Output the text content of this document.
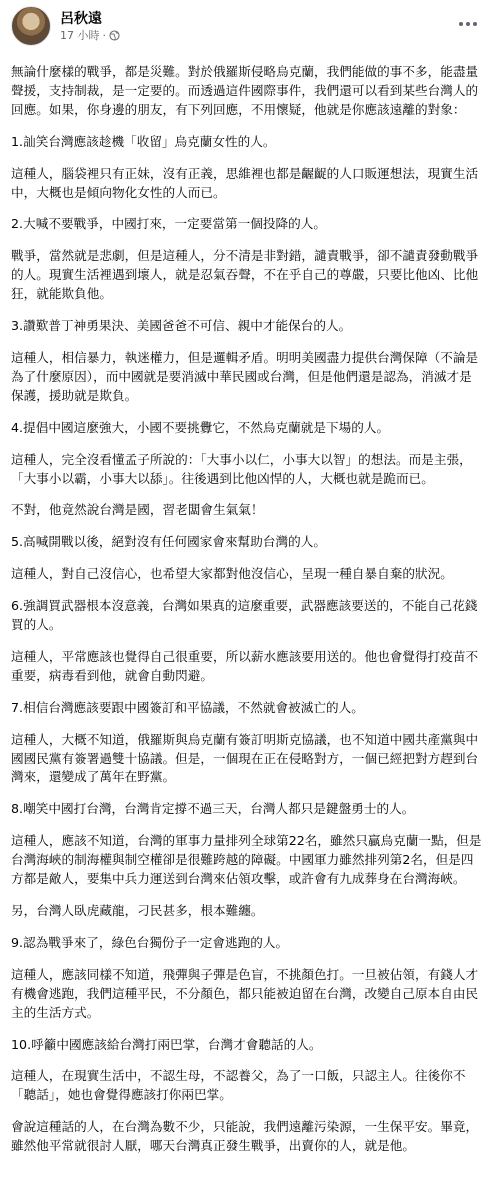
呂秋遠
17 小時 ·
無論什麼樣的戰爭，都是災難。對於俄羅斯侵略烏克蘭，我們能做的事不多，能盡量聲援，支持制裁，是一定要的。而透過這件國際事件，我們還可以看到某些台灣人的回應。如果，你身邊的朋友，有下列回應，不用懷疑，他就是你應該遠離的對象：
1.訕笑台灣應該趁機「收留」烏克蘭女性的人。
這種人，腦袋裡只有正妹，沒有正義，思維裡也都是齷齪的人口販運想法，現實生活中，大概也是傾向物化女性的人而已。
2.大喊不要戰爭，中國打來，一定要當第一個投降的人。
戰爭，當然就是悲劇，但是這種人，分不清是非對錯，譴責戰爭，卻不譴責發動戰爭的人。現實生活裡遇到壞人，就是忍氣吞聲，不在乎自己的尊嚴，只要比他凶、比他狂，就能欺負他。
3.讚歎普丁神勇果決、美國爸爸不可信、親中才能保台的人。
這種人，相信暴力，執迷權力，但是邏輯矛盾。明明美國盡力提供台灣保障（不論是為了什麼原因），而中國就是要消滅中華民國或台灣，但是他們還是認為，消滅才是保護，援助就是欺負。
4.提倡中國這麼強大，小國不要挑釁它，不然烏克蘭就是下場的人。
這種人，完全沒看懂孟子所說的：「大事小以仁，小事大以智」的想法。而是主張，「大事小以霸，小事大以舔」。往後遇到比他凶悍的人，大概也就是跪而已。
不對，他竟然說台灣是國，習老闆會生氣氣！
5.高喊開戰以後，絕對沒有任何國家會來幫助台灣的人。
這種人，對自己沒信心，也希望大家都對他沒信心，呈現一種自暴自棄的狀況。
6.強調買武器根本沒意義，台灣如果真的這麼重要，武器應該要送的，不能自己花錢買的人。
這種人，平常應該也覺得自己很重要，所以薪水應該要用送的。他也會覺得打疫苗不重要，病毒看到他，就會自動閃避。
7.相信台灣應該要跟中國簽訂和平協議，不然就會被滅亡的人。
這種人，大概不知道，俄羅斯與烏克蘭有簽訂明斯克協議，也不知道中國共產黨與中國國民黨有簽署過雙十協議。但是，一個現在正在侵略對方，一個已經把對方趕到台灣來，還變成了萬年在野黨。
8.嘲笑中國打台灣，台灣肯定撐不過三天，台灣人都只是鍵盤勇士的人。
這種人，應該不知道，台灣的軍事力量排列全球第22名，雖然只贏烏克蘭一點，但是台灣海峽的制海權與制空權卻是很難跨越的障礙。中國軍力雖然排列第2名，但是四方都是敵人，要集中兵力運送到台灣來佔領攻擊，或許會有九成葬身在台灣海峽。
另，台灣人臥虎藏龍，刁民甚多，根本難纏。
9.認為戰爭來了，綠色台獨份子一定會逃跑的人。
這種人，應該同樣不知道，飛彈與子彈是色盲，不挑顏色打。一旦被佔領，有錢人才有機會逃跑，我們這種平民，不分顏色，都只能被迫留在台灣，改變自己原本自由民主的生活方式。
10.呼籲中國應該給台灣打兩巴掌，台灣才會聽話的人。
這種人，在現實生活中，不認生母，不認養父，為了一口飯，只認主人。往後你不「聽話」，她也會覺得應該打你兩巴掌。
會說這種話的人，在台灣為數不少，只能說，我們遠離污染源，一生保平安。畢竟，雖然他平常就很討人厭，哪天台灣真正發生戰爭，出賣你的人，就是他。
